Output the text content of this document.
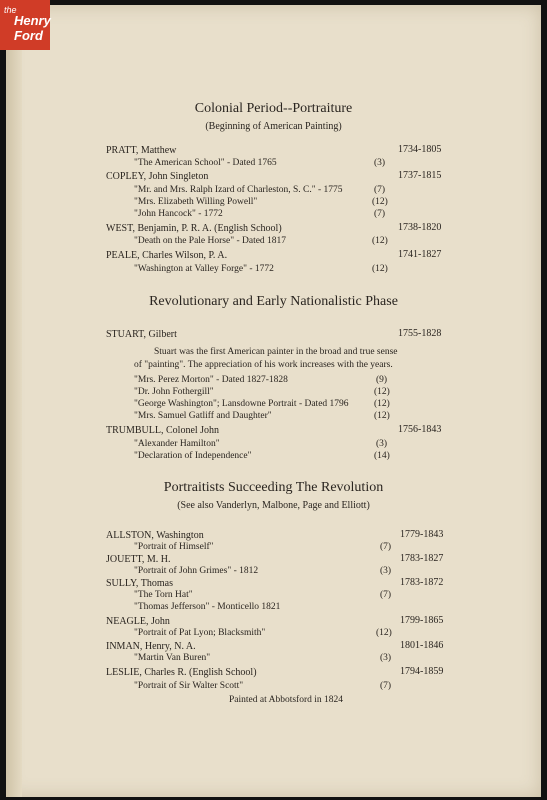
the
Henry
Ford
Colonial Period--Portraiture
(Beginning of American Painting)
PRATT, Matthew	1734-1805
"The American School" - Dated 1765	(3)
COPLEY, John Singleton	1737-1815
"Mr. and Mrs. Ralph Izard of Charleston, S. C." - 1775	(7)
"Mrs. Elizabeth Willing Powell"	(12)
"John Hancock" - 1772	(7)
WEST, Benjamin, P. R. A. (English School)	1738-1820
"Death on the Pale Horse" - Dated 1817	(12)
PEALE, Charles Wilson, P. A.	1741-1827
"Washington at Valley Forge" - 1772	(12)
Revolutionary and Early Nationalistic Phase
STUART, Gilbert	1755-1828
Stuart was the first American painter in the broad and true sense
of "painting". The appreciation of his work increases with the years.
"Mrs. Perez Morton" - Dated 1827-1828	(9)
"Dr. John Fothergill"	(12)
"George Washington"; Lansdowne Portrait - Dated 1796	(12)
"Mrs. Samuel Gatliff and Daughter"	(12)
TRUMBULL, Colonel John	1756-1843
"Alexander Hamilton"	(3)
"Declaration of Independence"	(14)
Portraitists Succeeding The Revolution
(See also Vanderlyn, Malbone, Page and Elliott)
ALLSTON, Washington	1779-1843
"Portrait of Himself"	(7)
JOUETT, M. H.	1783-1827
"Portrait of John Grimes" - 1812	(3)
SULLY, Thomas	1783-1872
"The Torn Hat"	(7)
"Thomas Jefferson" - Monticello 1821
NEAGLE, John	1799-1865
"Portrait of Pat Lyon; Blacksmith"	(12)
INMAN, Henry, N. A.	1801-1846
"Martin Van Buren"	(3)
LESLIE, Charles R. (English School)	1794-1859
"Portrait of Sir Walter Scott"	(7)
Painted at Abbotsford in 1824
